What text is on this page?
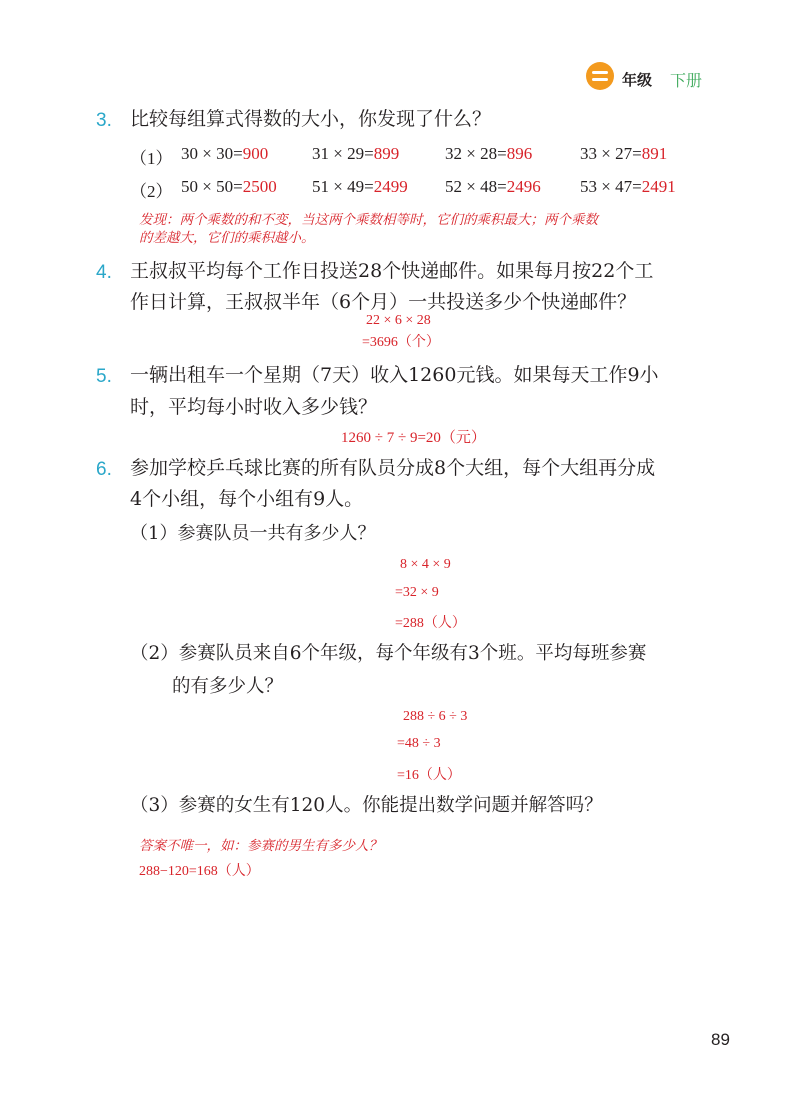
年级 下册
3. 比较每组算式得数的大小，你发现了什么？
（1） 30 × 30=900	31 × 29=899	32 × 28=896	33 × 27=891
（2） 50 × 50=2500 51 × 49=2499 52 × 48=2496 53 × 47=2491
发现：两个乘数的和不变，当这两个乘数相等时，它们的乘积最大；两个乘数
的差越大，它们的乘积越小。
4. 王叔叔平均每个工作日投送28个快递邮件。如果每月按22个工
作日计算，王叔叔半年（6个月）一共投送多少个快递邮件？
22 × 6 × 28
=3696（个）
5. 一辆出租车一个星期（7天）收入1260元钱。如果每天工作9小
时，平均每小时收入多少钱？
1260 ÷ 7 ÷ 9=20（元）
6. 参加学校乒乓球比赛的所有队员分成8个大组，每个大组再分成
4个小组，每个小组有9人。
（1）参赛队员一共有多少人？
8 × 4 × 9
=32 × 9
=288（人）
（2）参赛队员来自6个年级，每个年级有3个班。平均每班参赛
的有多少人？
288 ÷ 6 ÷ 3
=48 ÷ 3
=16（人）
（3）参赛的女生有120人。你能提出数学问题并解答吗？
答案不唯一，如：参赛的男生有多少人？
288−120=168（人）
89
